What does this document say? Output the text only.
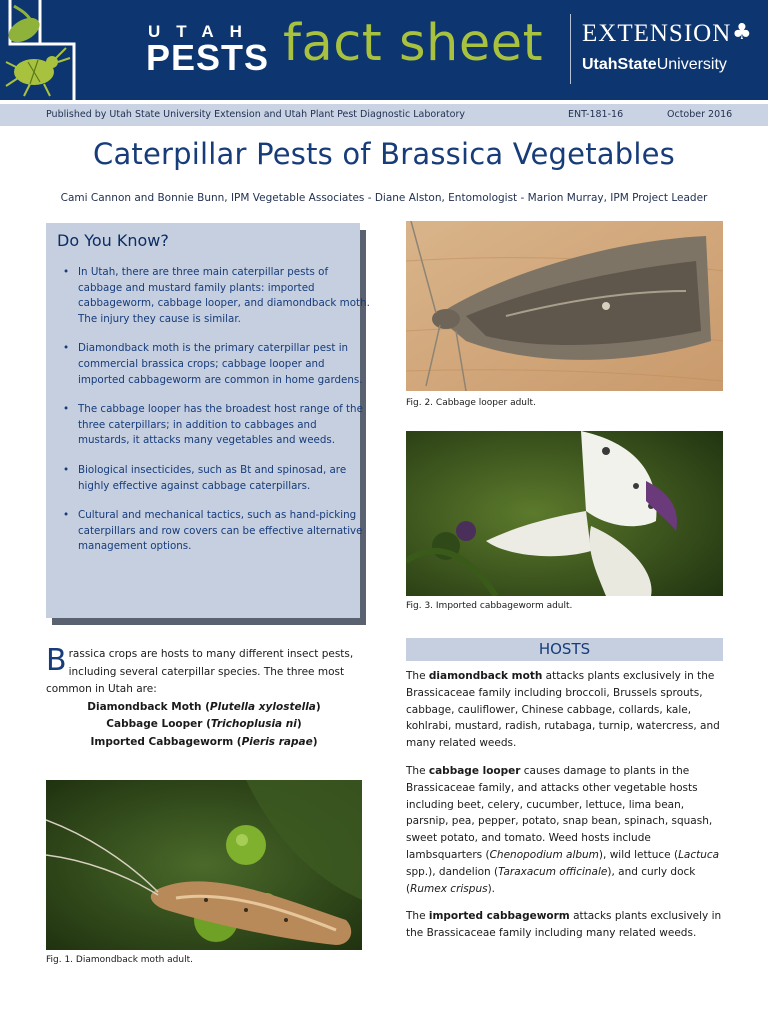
UTAH
PESTS fact sheet EXTENSION ♣
UtahStateUniversity
Published by Utah State University Extension and Utah Plant Pest Diagnostic Laboratory	ENT-181-16	October 2016
Caterpillar Pests of Brassica Vegetables
Cami Cannon and Bonnie Bunn, IPM Vegetable Associates - Diane Alston, Entomologist - Marion Murray, IPM Project Leader
Do You Know?
• In Utah, there are three main caterpillar pests of cabbage and mustard family plants: imported cabbageworm, cabbage looper, and diamondback moth. The injury they cause is similar.
• Diamondback moth is the primary caterpillar pest in commercial brassica crops; cabbage looper and imported cabbageworm are common in home gardens.
• The cabbage looper has the broadest host range of the three caterpillars; in addition to cabbages and mustards, it attacks many vegetables and weeds.
• Biological insecticides, such as Bt and spinosad, are highly effective against cabbage caterpillars.
• Cultural and mechanical tactics, such as hand-picking caterpillars and row covers can be effective alternative management options.
Fig. 2. Cabbage looper adult.
Fig. 3. Imported cabbageworm adult.
Brassica crops are hosts to many different insect pests, including several caterpillar species. The three most common in Utah are:
Diamondback Moth (Plutella xylostella)
Cabbage Looper (Trichoplusia ni)
Imported Cabbageworm (Pieris rapae)
Fig. 1. Diamondback moth adult.
HOSTS

The diamondback moth attacks plants exclusively in the Brassicaceae family including broccoli, Brussels sprouts, cabbage, cauliflower, Chinese cabbage, collards, kale, kohlrabi, mustard, radish, rutabaga, turnip, watercress, and many related weeds.

The cabbage looper causes damage to plants in the Brassicaceae family, and attacks other vegetable hosts including beet, celery, cucumber, lettuce, lima bean, parsnip, pea, pepper, potato, snap bean, spinach, squash, sweet potato, and tomato. Weed hosts include lambsquarters (Chenopodium album), wild lettuce (Lactuca spp.), dandelion (Taraxacum officinale), and curly dock (Rumex crispus).

The imported cabbageworm attacks plants exclusively in the Brassicaceae family including many related weeds.
